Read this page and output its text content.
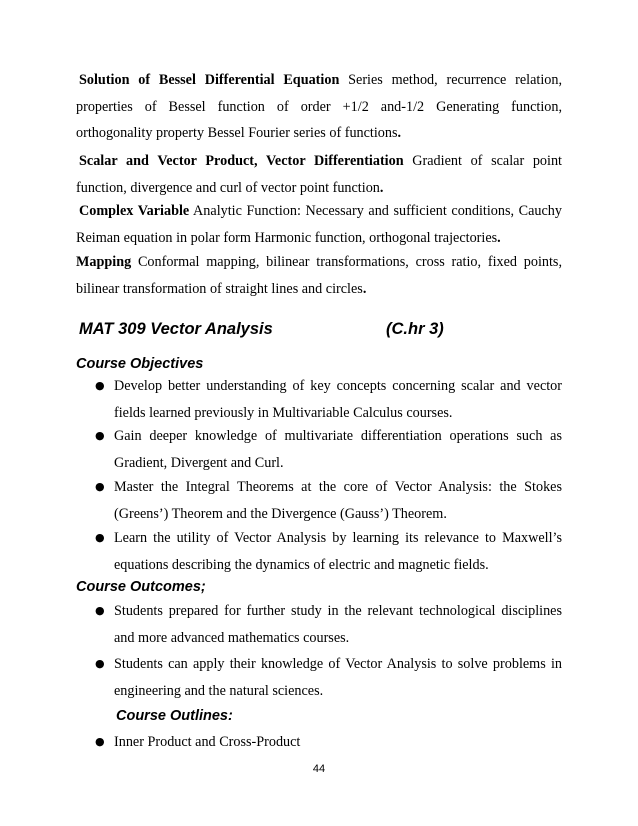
Solution of Bessel Differential Equation Series method, recurrence relation, properties of Bessel function of order +1/2 and-1/2 Generating function, orthogonality property Bessel Fourier series of functions.
Scalar and Vector Product, Vector Differentiation Gradient of scalar point function, divergence and curl of vector point function.
Complex Variable Analytic Function: Necessary and sufficient conditions, Cauchy Reiman equation in polar form Harmonic function, orthogonal trajectories.
Mapping Conformal mapping, bilinear transformations, cross ratio, fixed points, bilinear transformation of straight lines and circles.
MAT 309 Vector Analysis	(C.hr 3)
Course Objectives
● Develop better understanding of key concepts concerning scalar and vector fields learned previously in Multivariable Calculus courses.
● Gain deeper knowledge of multivariate differentiation operations such as Gradient, Divergent and Curl.
● Master the Integral Theorems at the core of Vector Analysis: the Stokes (Greens’) Theorem and the Divergence (Gauss’) Theorem.
● Learn the utility of Vector Analysis by learning its relevance to Maxwell’s equations describing the dynamics of electric and magnetic fields.
Course Outcomes;
● Students prepared for further study in the relevant technological disciplines and more advanced mathematics courses.
● Students can apply their knowledge of Vector Analysis to solve problems in engineering and the natural sciences.
Course Outlines:
● Inner Product and Cross-Product
44
